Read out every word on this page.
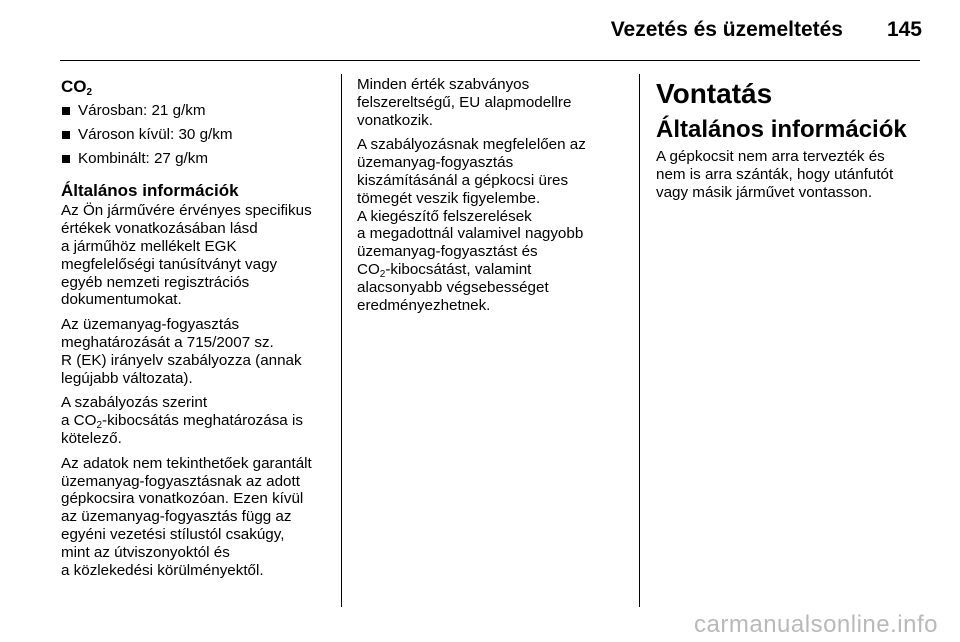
Vezetés és üzemeltetés 145
$CO_2$
Városban: 21 g/km
Városon kívül: 30 g/km
Kombinált: 27 g/km
Általános információk

Az Ön járművére érvényes specifikus
értékek vonatkozásában lásd
a járműhöz mellékelt EGK
megfelelőségi tanúsítványt vagy
egyéb nemzeti regisztrációs
dokumentumokat.

Az üzemanyag-fogyasztás
meghatározását a 715/2007 sz.
R (EK) irányelv szabályozza (annak
legújabb változata).

A szabályozás szerint
a $CO_2$-kibocsátás meghatározása is
kötelező.

Az adatok nem tekinthetőek garantált
üzemanyag-fogyasztásnak az adott
gépkocsira vonatkozóan. Ezen kívül
az üzemanyag-fogyasztás függ az
egyéni vezetési stílustól csakúgy,
mint az útviszonyoktól és
a közlekedési körülményektől.

Minden érték szabványos
felszereltségű, EU alapmodellre
vonatkozik.

A szabályozásnak megfelelően az
üzemanyag-fogyasztás
kiszámításánál a gépkocsi üres
tömegét veszik figyelembe.
A kiegészítő felszerelések
a megadottnál valamivel nagyobb
üzemanyag-fogyasztást és
$CO_2$-kibocsátást, valamint
alacsonyabb végsebességet
eredményezhetnek.

Vontatás
Általános információk

A gépkocsit nem arra tervezték és
nem is arra szánták, hogy utánfutót
vagy másik járművet vontasson.

carmanualsonline.info
